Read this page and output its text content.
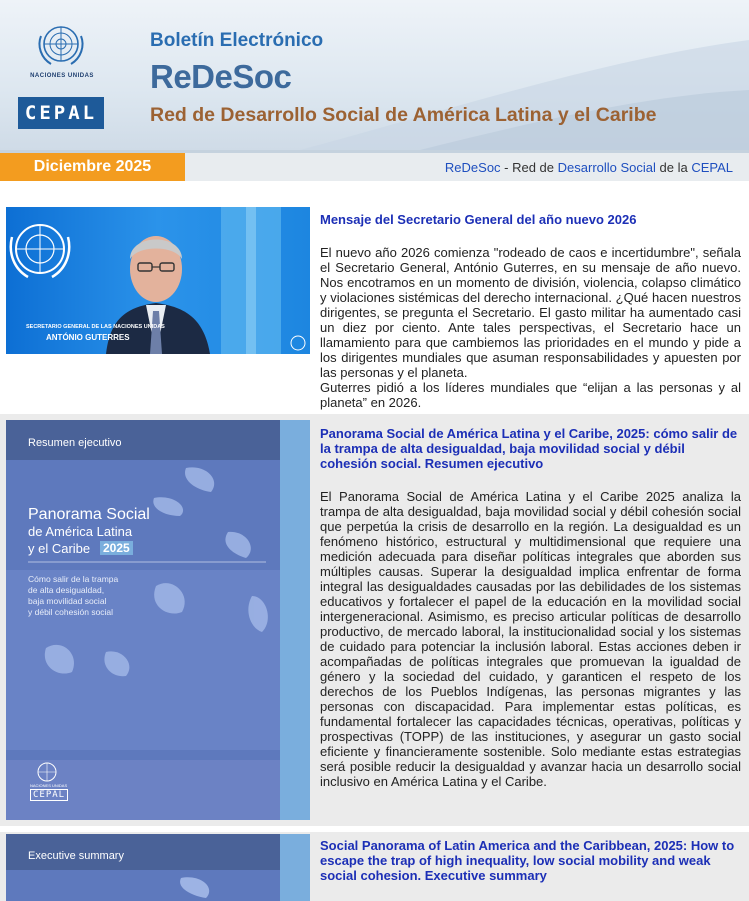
NACIONES UNIDAS
CEPAL
Boletín Electrónico
ReDeSoc
Red de Desarrollo Social de América Latina y el Caribe
Diciembre 2025	ReDeSoc - Red de Desarrollo Social de la CEPAL
SECRETARIO GENERAL DE LAS NACIONES UNIDAS
ANTÓNIO GUTERRES

Mensaje del Secretario General del año nuevo 2026

El nuevo año 2026 comienza "rodeado de caos e incertidumbre", señala el Secretario General, António Guterres, en su mensaje de año nuevo. Nos encotramos en un momento de división, violencia, colapso climático y violaciones sistémicas del derecho internacional. ¿Qué hacen nuestros dirigentes, se pregunta el Secretario. El gasto militar ha aumentado casi un diez por ciento. Ante tales perspectivas, el Secretario hace un llamamiento para que cambiemos las prioridades en el mundo y pide a los dirigentes mundiales que asuman responsabilidades y apuesten por las personas y el planeta.

Guterres pidió a los líderes mundiales que “elijan a las personas y al planeta” en 2026.

Resumen ejecutivo
Panorama Social
de América Latina
y el Caribe 2025
Cómo salir de la trampa
de alta desigualdad,
baja movilidad social
y débil cohesión social
NACIONES UNIDAS
CEPAL

Panorama Social de América Latina y el Caribe, 2025: cómo salir de la trampa de alta desigualdad, baja movilidad social y débil cohesión social. Resumen ejecutivo

El Panorama Social de América Latina y el Caribe 2025 analiza la trampa de alta desigualdad, baja movilidad social y débil cohesión social que perpetúa la crisis de desarrollo en la región. La desigualdad es un fenómeno histórico, estructural y multidimensional que requiere una medición adecuada para diseñar políticas integrales que aborden sus múltiples causas. Superar la desigualdad implica enfrentar de forma integral las desigualdades causadas por las debilidades de los sistemas educativos y fortalecer el papel de la educación en la movilidad social intergeneracional. Asimismo, es preciso articular políticas de desarrollo productivo, de mercado laboral, la institucionalidad social y los sistemas de cuidado para potenciar la inclusión laboral. Estas acciones deben ir acompañadas de políticas integrales que promuevan la igualdad de género y la sociedad del cuidado, y garanticen el respeto de los derechos de los Pueblos Indígenas, las personas migrantes y las personas con discapacidad. Para implementar estas políticas, es fundamental fortalecer las capacidades técnicas, operativas, políticas y prospectivas (TOPP) de las instituciones, y asegurar un gasto social eficiente y financieramente sostenible. Solo mediante estas estrategias será posible reducir la desigualdad y avanzar hacia un desarrollo social inclusivo en América Latina y el Caribe.

Executive summary

Social Panorama of Latin America and the Caribbean, 2025: How to escape the trap of high inequality, low social mobility and weak social cohesion. Executive summary
